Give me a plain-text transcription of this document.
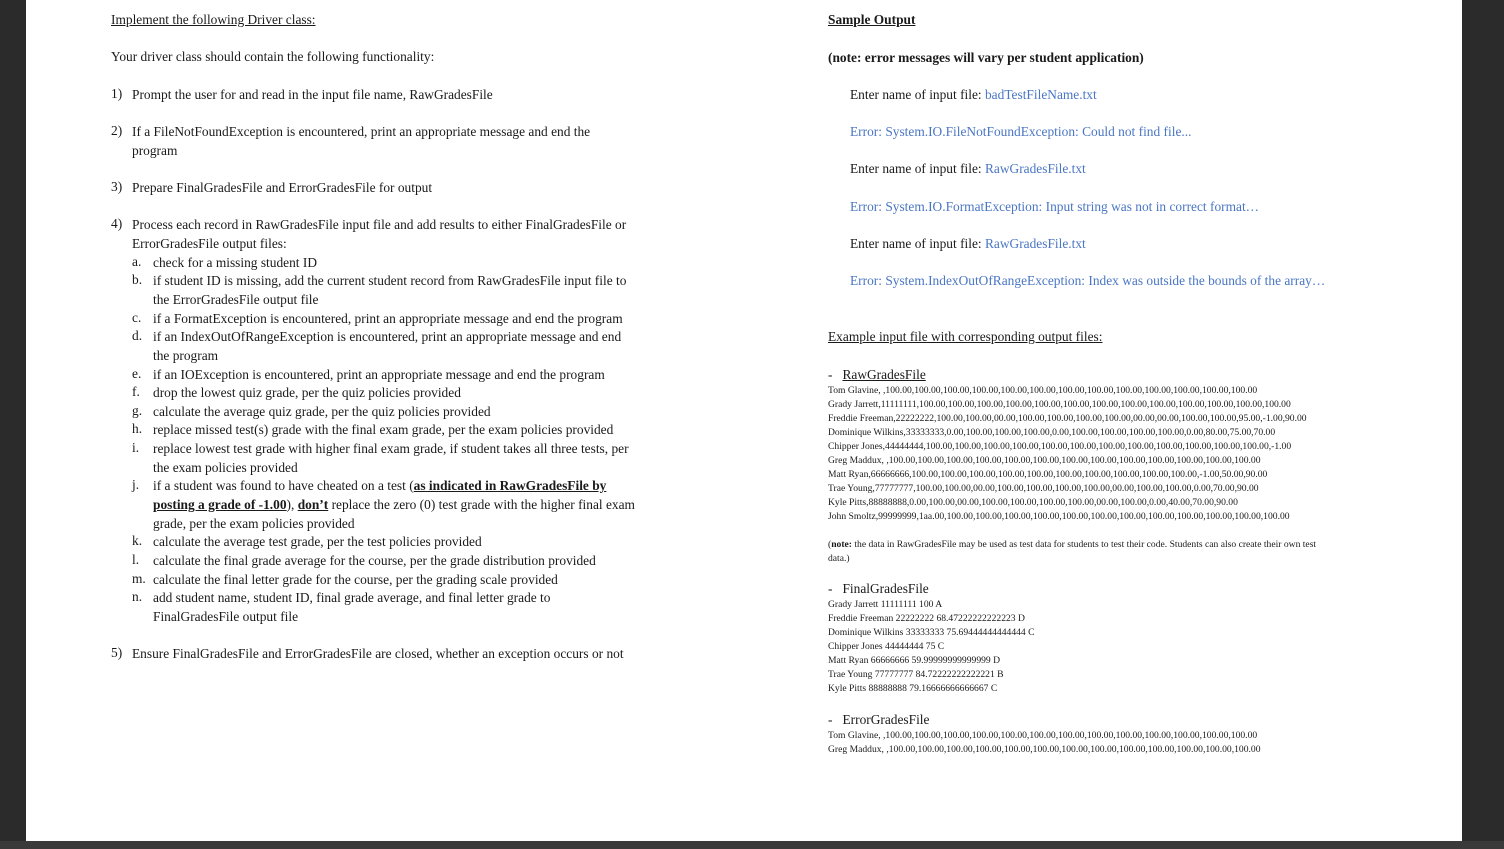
Implement the following Driver class:
Your driver class should contain the following functionality:
1) Prompt the user for and read in the input file name, RawGradesFile
2) If a FileNotFoundException is encountered, print an appropriate message and end the
program
3) Prepare FinalGradesFile and ErrorGradesFile for output
4) Process each record in RawGradesFile input file and add results to either FinalGradesFile or
ErrorGradesFile output files:
a. check for a missing student ID
b. if student ID is missing, add the current student record from RawGradesFile input file to
the ErrorGradesFile output file
c. if a FormatException is encountered, print an appropriate message and end the program
d. if an IndexOutOfRangeException is encountered, print an appropriate message and end
the program
e. if an IOException is encountered, print an appropriate message and end the program
f. drop the lowest quiz grade, per the quiz policies provided
g. calculate the average quiz grade, per the quiz policies provided
h. replace missed test(s) grade with the final exam grade, per the exam policies provided
i. replace lowest test grade with higher final exam grade, if student takes all three tests, per
the exam policies provided
j. if a student was found to have cheated on a test (as indicated in RawGradesFile by
posting a grade of -1.00), don’t replace the zero (0) test grade with the higher final exam
grade, per the exam policies provided
k. calculate the average test grade, per the test policies provided
l. calculate the final grade average for the course, per the grade distribution provided
m. calculate the final letter grade for the course, per the grading scale provided
n. add student name, student ID, final grade average, and final letter grade to
FinalGradesFile output file
5) Ensure FinalGradesFile and ErrorGradesFile are closed, whether an exception occurs or not
Sample Output
(note: error messages will vary per student application)
Enter name of input file: badTestFileName.txt
Error: System.IO.FileNotFoundException: Could not find file...
Enter name of input file: RawGradesFile.txt
Error: System.IO.FormatException: Input string was not in correct format…
Enter name of input file: RawGradesFile.txt
Error: System.IndexOutOfRangeException: Index was outside the bounds of the array…
Example input file with corresponding output files:
- RawGradesFile
Tom Glavine, ,100.00,100.00,100.00,100.00,100.00,100.00,100.00,100.00,100.00,100.00,100.00,100.00,100.00
Grady Jarrett,11111111,100.00,100.00,100.00,100.00,100.00,100.00,100.00,100.00,100.00,100.00,100.00,100.00,100.00
Freddie Freeman,22222222,100.00,100.00,00.00,100.00,100.00,100.00,100.00,00.00,00.00,100.00,100.00,95.00,-1.00,90.00
Dominique Wilkins,33333333,0.00,100.00,100.00,100.00,0.00,100.00,100.00,100.00,100.00,0.00,80.00,75.00,70.00
Chipper Jones,44444444,100.00,100.00,100.00,100.00,100.00,100.00,100.00,100.00,100.00,100.00,100.00,100.00,-1.00
Greg Maddux, ,100.00,100.00,100.00,100.00,100.00,100.00,100.00,100.00,100.00,100.00,100.00,100.00,100.00
Matt Ryan,66666666,100.00,100.00,100.00,100.00,100.00,100.00,100.00,100.00,100.00,100.00,-1.00,50.00,90.00
Trae Young,77777777,100.00,100.00,00.00,100.00,100.00,100.00,100.00,00.00,100.00,100.00,0.00,70.00,90.00
Kyle Pitts,88888888,0.00,100.00,00.00,100.00,100.00,100.00,100.00,00.00,100.00,0.00,40.00,70.00,90.00
John Smoltz,99999999,1aa.00,100.00,100.00,100.00,100.00,100.00,100.00,100.00,100.00,100.00,100.00,100.00,100.00
(note: the data in RawGradesFile may be used as test data for students to test their code. Students can also create their own test
data.)
- FinalGradesFile
Grady Jarrett 11111111 100 A
Freddie Freeman 22222222 68.47222222222223 D
Dominique Wilkins 33333333 75.69444444444444 C
Chipper Jones 44444444 75 C
Matt Ryan 66666666 59.99999999999999 D
Trae Young 77777777 84.72222222222221 B
Kyle Pitts 88888888 79.16666666666667 C
- ErrorGradesFile
Tom Glavine, ,100.00,100.00,100.00,100.00,100.00,100.00,100.00,100.00,100.00,100.00,100.00,100.00,100.00
Greg Maddux, ,100.00,100.00,100.00,100.00,100.00,100.00,100.00,100.00,100.00,100.00,100.00,100.00,100.00
